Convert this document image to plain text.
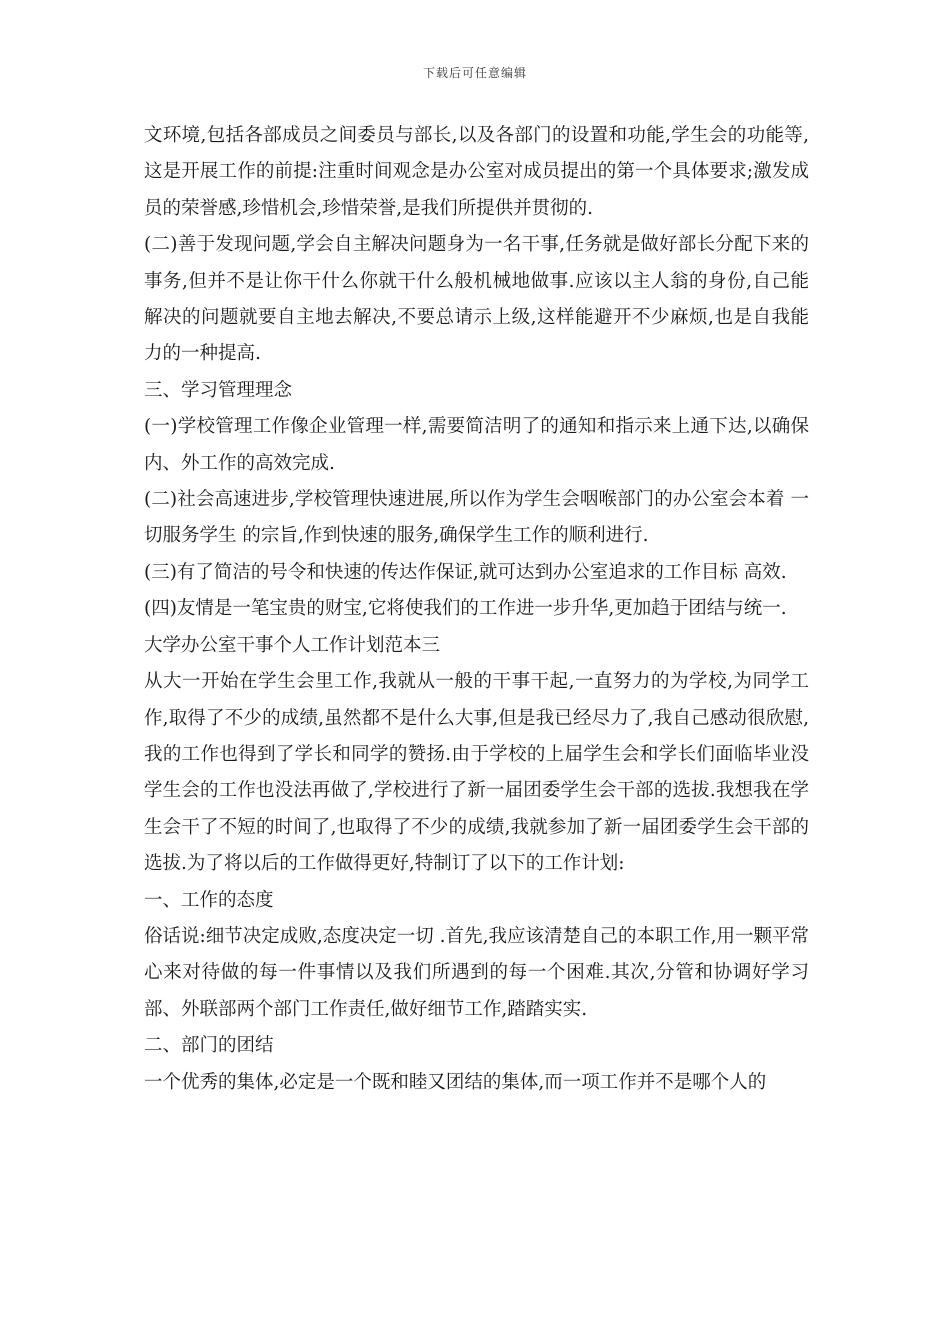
下载后可任意编辑

文环境,包括各部成员之间委员与部长,以及各部门的设置和功能,学生会的功能等,这是开展工作的前提:注重时间观念是办公室对成员提出的第一个具体要求;激发成员的荣誉感,珍惜机会,珍惜荣誉,是我们所提供并贯彻的.

(二)善于发现问题,学会自主解决问题身为一名干事,任务就是做好部长分配下来的事务,但并不是让你干什么你就干什么般机械地做事.应该以主人翁的身份,自己能解决的问题就要自主地去解决,不要总请示上级,这样能避开不少麻烦,也是自我能力的一种提高.

三、学习管理理念

(一)学校管理工作像企业管理一样,需要简洁明了的通知和指示来上通下达,以确保内、外工作的高效完成.

(二)社会高速进步,学校管理快速进展,所以作为学生会咽喉部门的办公室会本着 一切服务学生 的宗旨,作到快速的服务,确保学生工作的顺利进行.

(三)有了简洁的号令和快速的传达作保证,就可达到办公室追求的工作目标 高效.

(四)友情是一笔宝贵的财宝,它将使我们的工作进一步升华,更加趋于团结与统一.

大学办公室干事个人工作计划范本三

从大一开始在学生会里工作,我就从一般的干事干起,一直努力的为学校,为同学工作,取得了不少的成绩,虽然都不是什么大事,但是我已经尽力了,我自己感动很欣慰,我的工作也得到了学长和同学的赞扬.由于学校的上届学生会和学长们面临毕业没学生会的工作也没法再做了,学校进行了新一届团委学生会干部的选拔.我想我在学生会干了不短的时间了,也取得了不少的成绩,我就参加了新一届团委学生会干部的选拔.为了将以后的工作做得更好,特制订了以下的工作计划:

一、工作的态度

俗话说:细节决定成败,态度决定一切 .首先,我应该清楚自己的本职工作,用一颗平常心来对待做的每一件事情以及我们所遇到的每一个困难.其次,分管和协调好学习部、外联部两个部门工作责任,做好细节工作,踏踏实实.

二、部门的团结

一个优秀的集体,必定是一个既和睦又团结的集体,而一项工作并不是哪个人的
